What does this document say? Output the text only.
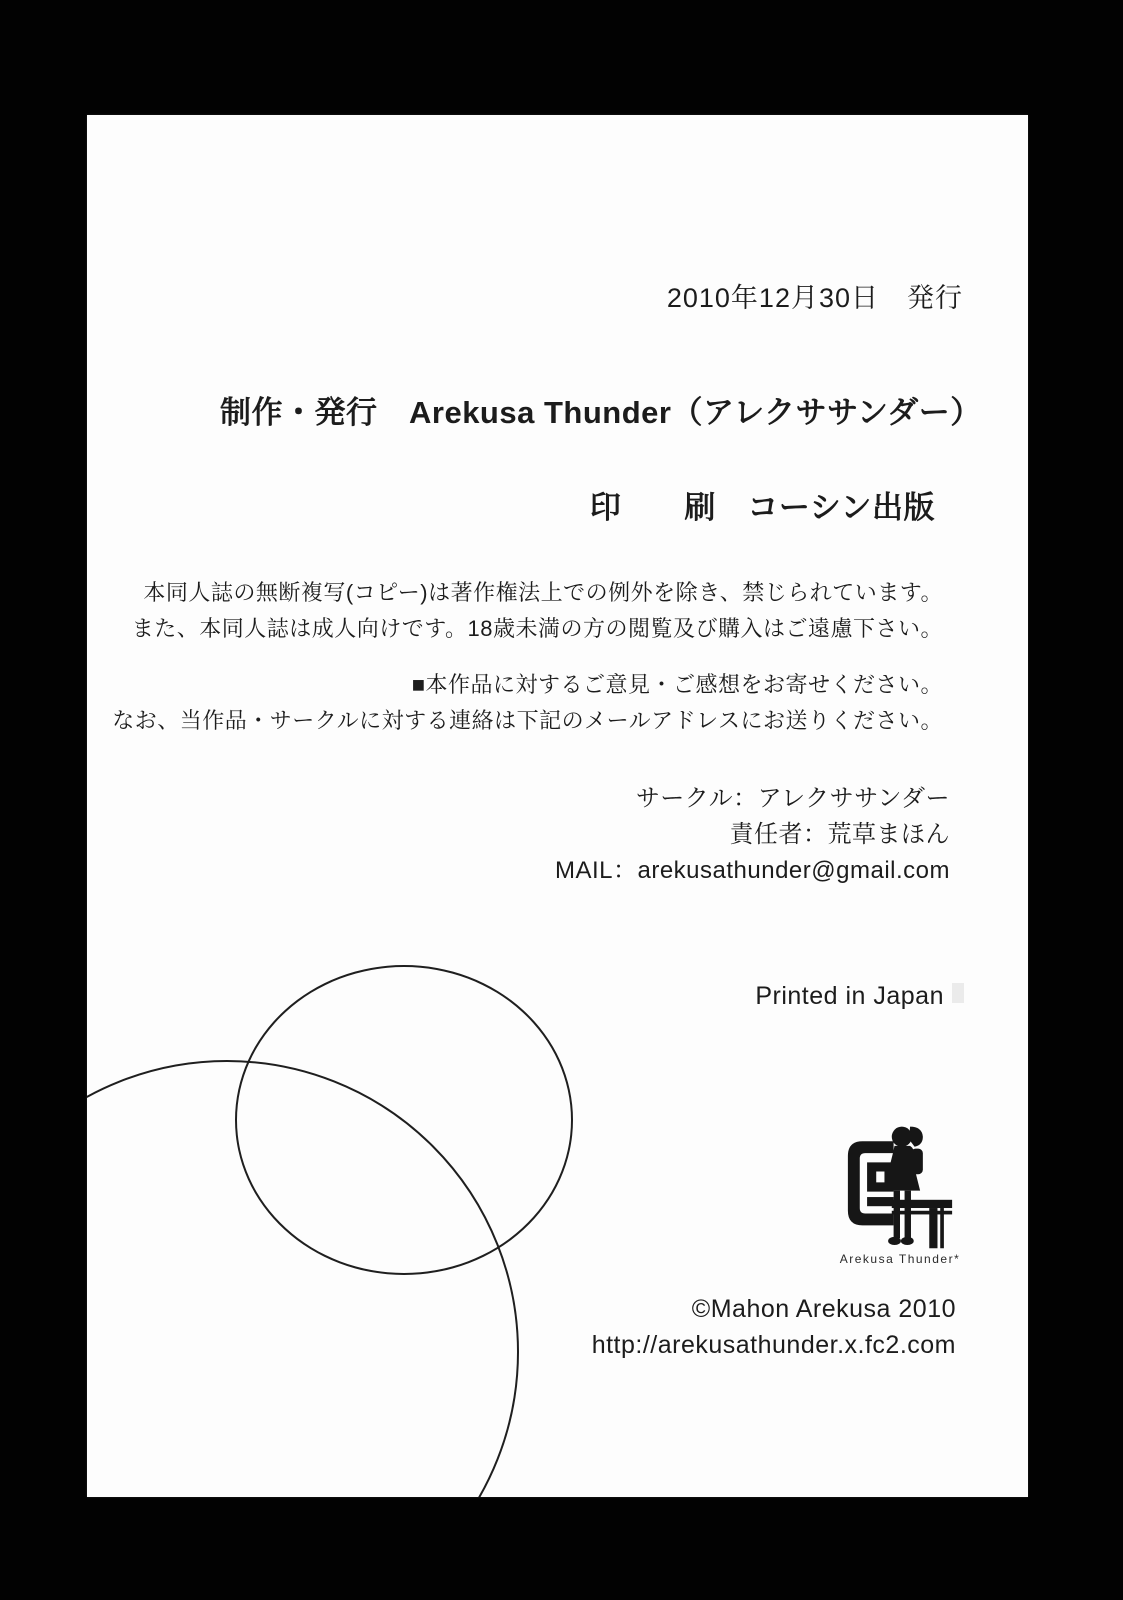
2010年12月30日　発行
制作・発行　Arekusa Thunder（アレクササンダー）
印　　刷　コーシン出版
本同人誌の無断複写(コピー)は著作権法上での例外を除き、禁じられています。
また、本同人誌は成人向けです。18歳未満の方の閲覧及び購入はご遠慮下さい。
■本作品に対するご意見・ご感想をお寄せください。
なお、当作品・サークルに対する連絡は下記のメールアドレスにお送りください。
サークル：アレクササンダー
責任者：荒草まほん
MAIL：arekusathunder@gmail.com
Printed in Japan
Arekusa Thunder*
©Mahon Arekusa 2010
http://arekusathunder.x.fc2.com
